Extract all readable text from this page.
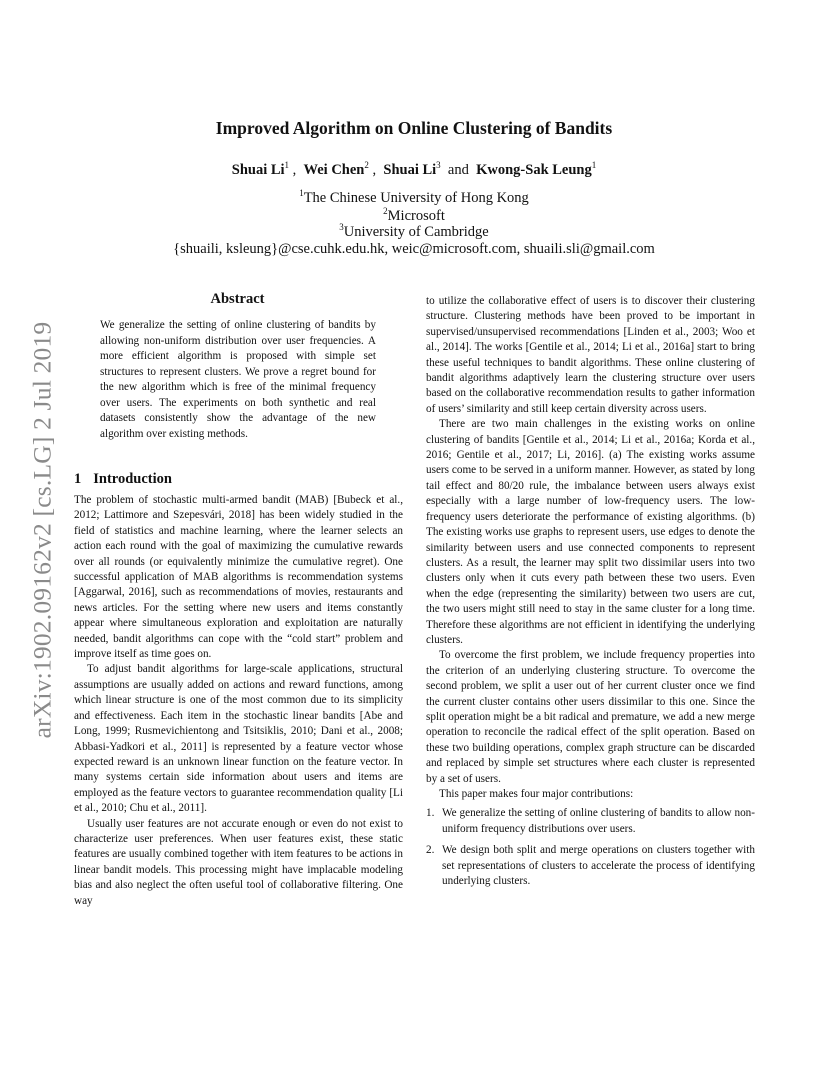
arXiv:1902.09162v2 [cs.LG] 2 Jul 2019
Improved Algorithm on Online Clustering of Bandits
Shuai Li$^1$ ,  Wei Chen$^2$ ,  Shuai Li$^3$  and  Kwong-Sak Leung$^1$
$^1$The Chinese University of Hong Kong
$^2$Microsoft
$^3$University of Cambridge
{shuaili, ksleung}@cse.cuhk.edu.hk, weic@microsoft.com, shuaili.sli@gmail.com
Abstract
We generalize the setting of online clustering of bandits by allowing non-uniform distribution over user frequencies. A more efficient algorithm is proposed with simple set structures to represent clusters. We prove a regret bound for the new algorithm which is free of the minimal frequency over users. The experiments on both synthetic and real datasets consistently show the advantage of the new algorithm over existing methods.
1 Introduction

The problem of stochastic multi-armed bandit (MAB) [Bubeck et al., 2012; Lattimore and Szepesvári, 2018] has been widely studied in the field of statistics and machine learning, where the learner selects an action each round with the goal of maximizing the cumulative rewards over all rounds (or equivalently minimize the cumulative regret). One successful application of MAB algorithms is recommendation systems [Aggarwal, 2016], such as recommendations of movies, restaurants and news articles. For the setting where new users and items constantly appear where simultaneous exploration and exploitation are naturally needed, bandit algorithms can cope with the “cold start” problem and improve itself as time goes on.

To adjust bandit algorithms for large-scale applications, structural assumptions are usually added on actions and reward functions, among which linear structure is one of the most common due to its simplicity and effectiveness. Each item in the stochastic linear bandits [Abe and Long, 1999; Rusmevichientong and Tsitsiklis, 2010; Dani et al., 2008; Abbasi-Yadkori et al., 2011] is represented by a feature vector whose expected reward is an unknown linear function on the feature vector. In many systems certain side information about users and items are employed as the feature vectors to guarantee recommendation quality [Li et al., 2010; Chu et al., 2011].

Usually user features are not accurate enough or even do not exist to characterize user preferences. When user features exist, these static features are usually combined together with item features to be actions in linear bandit models. This processing might have implacable modeling bias and also neglect the often useful tool of collaborative filtering. One way

to utilize the collaborative effect of users is to discover their clustering structure. Clustering methods have been proved to be important in supervised/unsupervised recommendations [Linden et al., 2003; Woo et al., 2014]. The works [Gentile et al., 2014; Li et al., 2016a] start to bring these useful techniques to bandit algorithms. These online clustering of bandit algorithms adaptively learn the clustering structure over users based on the collaborative recommendation results to gather information of users’ similarity and still keep certain diversity across users.

There are two main challenges in the existing works on online clustering of bandits [Gentile et al., 2014; Li et al., 2016a; Korda et al., 2016; Gentile et al., 2017; Li, 2016]. (a) The existing works assume users come to be served in a uniform manner. However, as stated by long tail effect and 80/20 rule, the imbalance between users always exist especially with a large number of low-frequency users. The low-frequency users deteriorate the performance of existing algorithms. (b) The existing works use graphs to represent users, use edges to denote the similarity between users and use connected components to represent clusters. As a result, the learner may split two dissimilar users into two clusters only when it cuts every path between these two users. Even when the edge (representing the similarity) between two users are cut, the two users might still need to stay in the same cluster for a long time. Therefore these algorithms are not efficient in identifying the underlying clusters.

To overcome the first problem, we include frequency properties into the criterion of an underlying clustering structure. To overcome the second problem, we split a user out of her current cluster once we find the current cluster contains other users dissimilar to this one. Since the split operation might be a bit radical and premature, we add a new merge operation to reconcile the radical effect of the split operation. Based on these two building operations, complex graph structure can be discarded and replaced by simple set structures where each cluster is represented by a set of users.

This paper makes four major contributions:

1. We generalize the setting of online clustering of bandits to allow non-uniform frequency distributions over users.
2. We design both split and merge operations on clusters together with set representations of clusters to accelerate the process of identifying underlying clusters.
